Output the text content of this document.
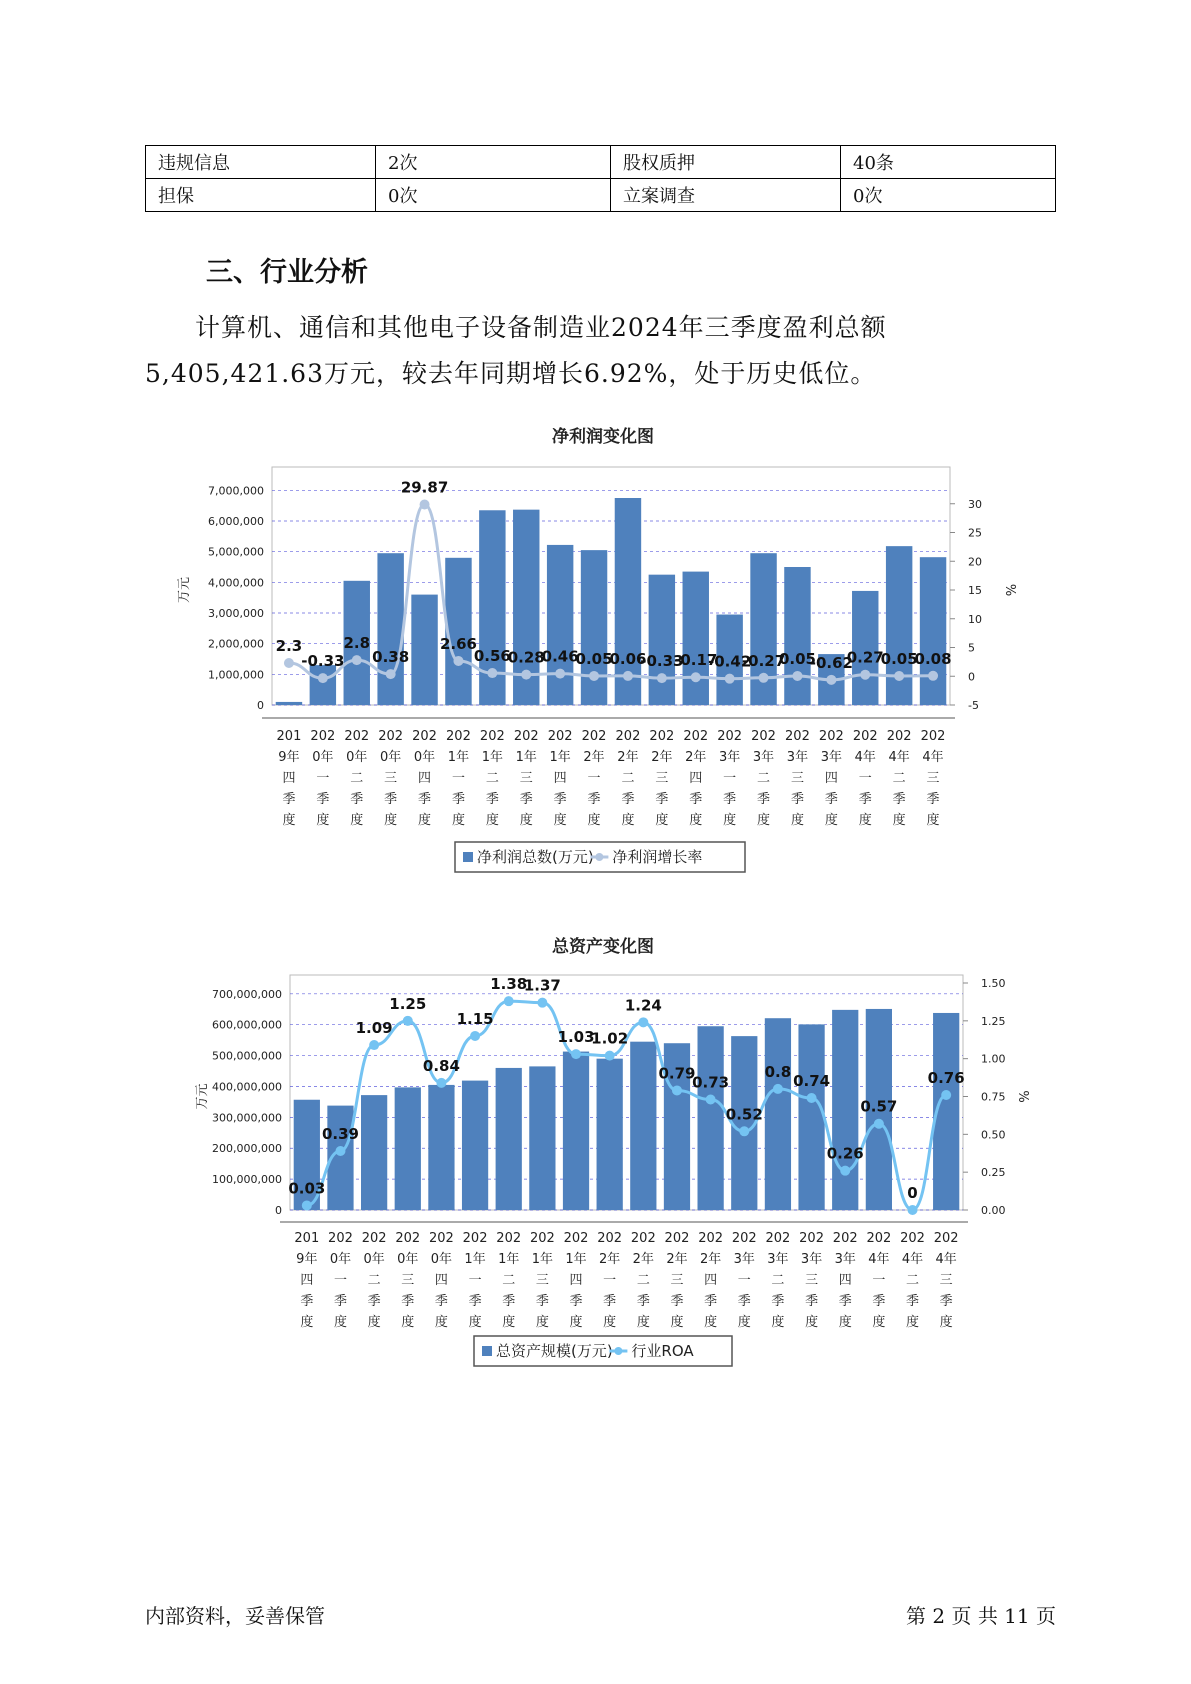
违规信息	2次	股权质押	40条
担保	0次	立案调查	0次
三、行业分析

计算机、通信和其他电子设备制造业2024年三季度盈利总额5,405,421.63万元，较去年同期增长6.92%，处于历史低位。

净利润变化图
0
1,000,000
2,000,000
3,000,000
4,000,000
5,000,000
6,000,000
7,000,000
-5
0
5
10
15
20
25
30
万元	%
201
9年
四
季
度
202
0年
一
季
度
202
0年
二
季
度
202
0年
三
季
度
202
0年
四
季
度
202
1年
一
季
度
202
1年
二
季
度
202
1年
三
季
度
202
1年
四
季
度
202
2年
一
季
度
202
2年
二
季
度
202
2年
三
季
度
202
2年
四
季
度
202
3年
一
季
度
202
3年
二
季
度
202
3年
三
季
度
202
3年
四
季
度
202
4年
一
季
度
202
4年
二
季
度
202
4年
三
季
度
2.3
-0.33
2.8
0.38
29.87
2.66
0.56
0.28
0.46
0.05
0.06
-0.33
-0.17
-0.42
-0.27
0.05
-0.62
0.27
0.05
0.08
净利润总数(万元) 净利润增长率
总资产变化图
0
100,000,000
200,000,000
300,000,000
400,000,000
500,000,000
600,000,000
700,000,000
0.00
0.25
0.50
0.75
1.00
1.25
1.50
万元	%
201
9年
四
季
度
202
0年
一
季
度
202
0年
二
季
度
202
0年
三
季
度
202
0年
四
季
度
202
1年
一
季
度
202
1年
二
季
度
202
1年
三
季
度
202
1年
四
季
度
202
2年
一
季
度
202
2年
二
季
度
202
2年
三
季
度
202
2年
四
季
度
202
3年
一
季
度
202
3年
二
季
度
202
3年
三
季
度
202
3年
四
季
度
202
4年
一
季
度
202
4年
二
季
度
202
4年
三
季
度
0.03
0.39
1.09
1.25
0.84
1.15
1.38
1.37
1.03
1.02
1.24
0.79
0.73
0.52
0.8
0.74
0.26
0.57
0
0.76
总资产规模(万元) 行业ROA

内部资料，妥善保管	第 2 页 共 11 页
